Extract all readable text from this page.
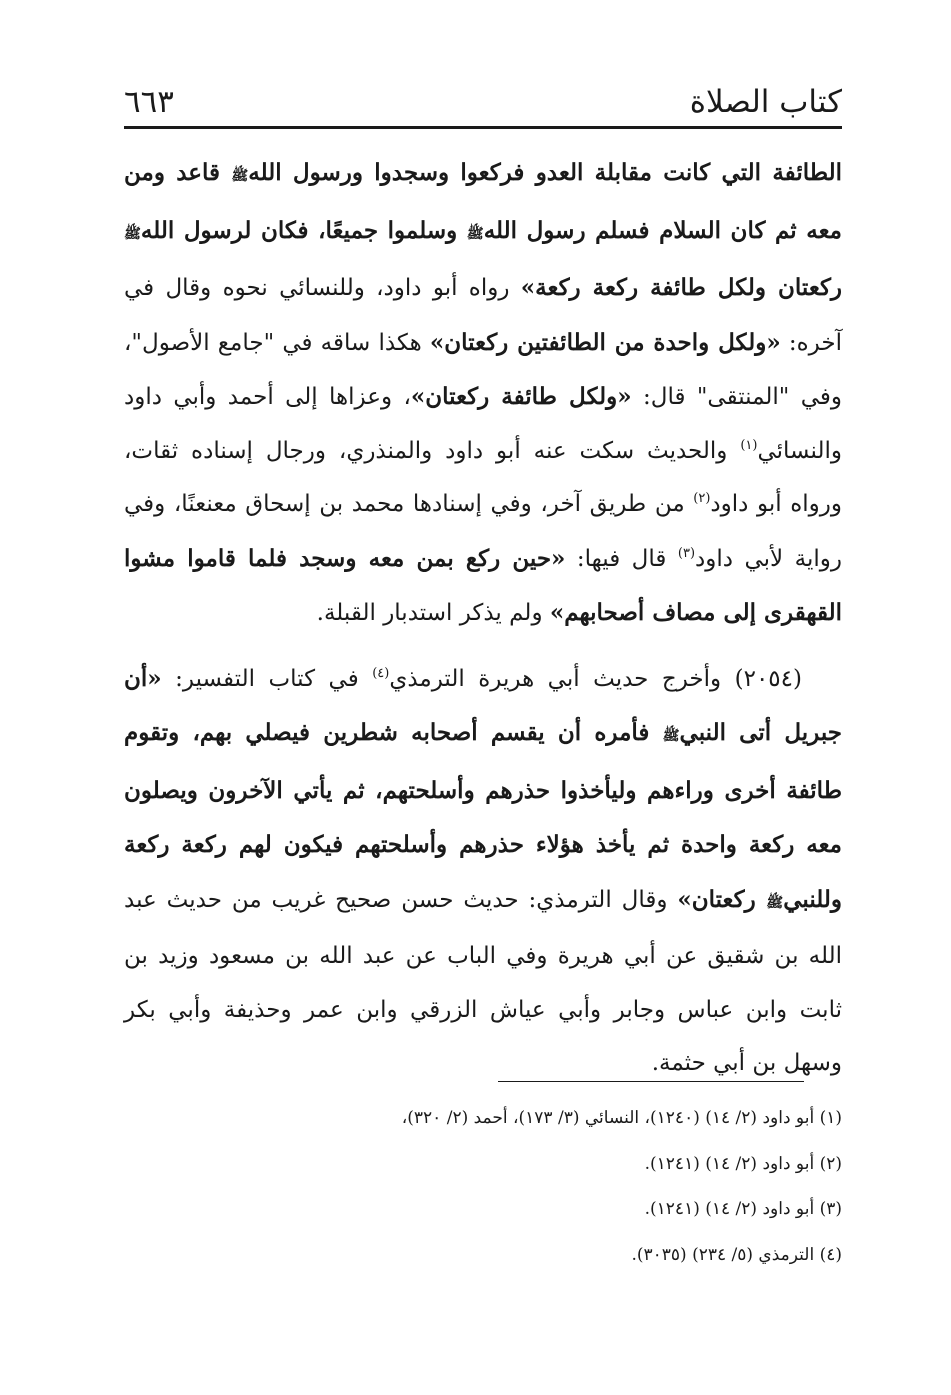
كتاب الصلاة
٦٦٣

الطائفة التي كانت مقابلة العدو فركعوا وسجدوا ورسول اللهﷺ قاعد ومن معه ثم كان السلام فسلم رسول اللهﷺ وسلموا جميعًا، فكان لرسول اللهﷺ ركعتان ولكل طائفة ركعة ركعة» رواه أبو داود، وللنسائي نحوه وقال في آخره: «ولكل واحدة من الطائفتين ركعتان» هكذا ساقه في "جامع الأصول"، وفي "المنتقى" قال: «ولكل طائفة ركعتان»، وعزاها إلى أحمد وأبي داود والنسائي$^{(١)}$ والحديث سكت عنه أبو داود والمنذري، ورجال إسناده ثقات، ورواه أبو داود$^{(٢)}$ من طريق آخر، وفي إسنادها محمد بن إسحاق معنعنًا، وفي رواية لأبي داود$^{(٣)}$ قال فيها: «حين ركع بمن معه وسجد فلما قاموا مشوا القهقرى إلى مصاف أصحابهم» ولم يذكر استدبار القبلة.

(٢٠٥٤) وأخرج حديث أبي هريرة الترمذي$^{(٤)}$ في كتاب التفسير: «أن جبريل أتى النبيﷺ فأمره أن يقسم أصحابه شطرين فيصلي بهم، وتقوم طائفة أخرى وراءهم وليأخذوا حذرهم وأسلحتهم، ثم يأتي الآخرون ويصلون معه ركعة واحدة ثم يأخذ هؤلاء حذرهم وأسلحتهم فيكون لهم ركعة ركعة وللنبيﷺ ركعتان» وقال الترمذي: حديث حسن صحيح غريب من حديث عبد الله بن شقيق عن أبي هريرة وفي الباب عن عبد الله بن مسعود وزيد بن ثابت وابن عباس وجابر وأبي عياش الزرقي وابن عمر وحذيفة وأبي بكر وسهل بن أبي حثمة.

(١) أبو داود (٢/ ١٤) (١٢٤٠)، النسائي (٣/ ١٧٣)، أحمد (٢/ ٣٢٠)،

(٢) أبو داود (٢/ ١٤) (١٢٤١).

(٣) أبو داود (٢/ ١٤) (١٢٤١).

(٤) الترمذي (٥/ ٢٣٤) (٣٠٣٥).
